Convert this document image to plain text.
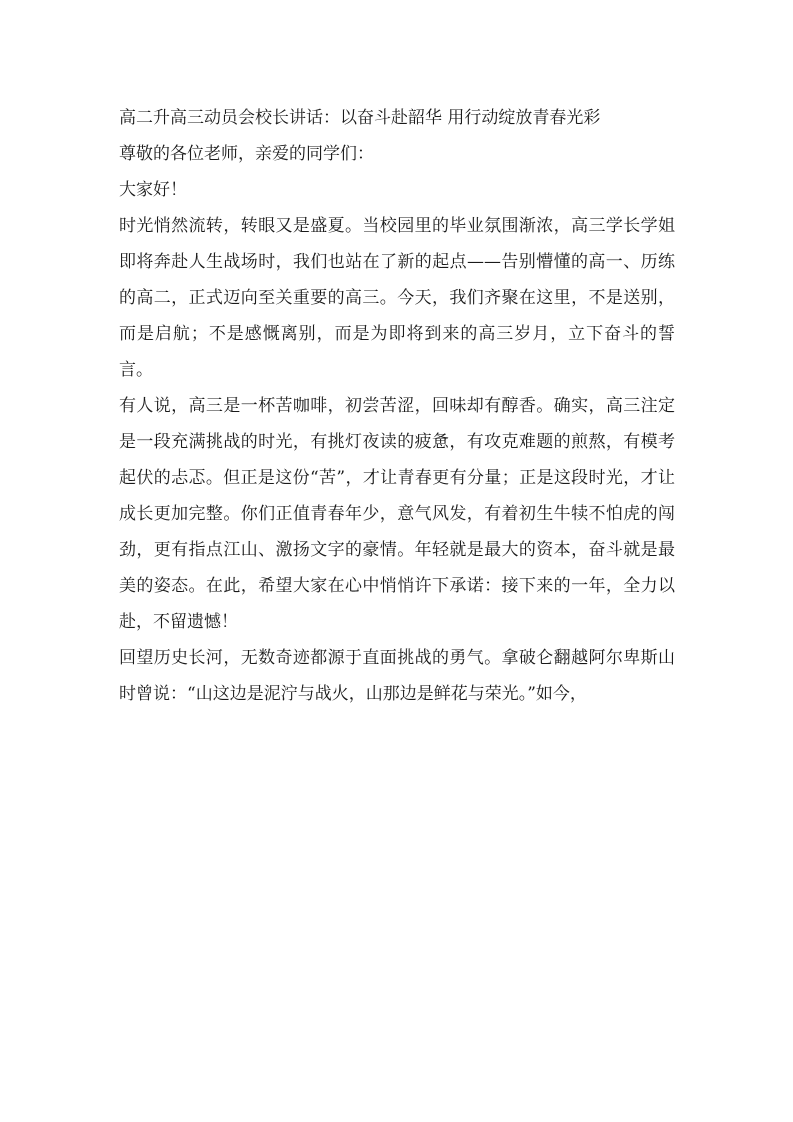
高二升高三动员会校长讲话：以奋斗赴韶华 用行动绽放青春光彩

尊敬的各位老师，亲爱的同学们：

大家好！

时光悄然流转，转眼又是盛夏。当校园里的毕业氛围渐浓，高三学长学姐即将奔赴人生战场时，我们也站在了新的起点——告别懵懂的高一、历练的高二，正式迈向至关重要的高三。今天，我们齐聚在这里，不是送别，而是启航；不是感慨离别，而是为即将到来的高三岁月，立下奋斗的誓言。

有人说，高三是一杯苦咖啡，初尝苦涩，回味却有醇香。确实，高三注定是一段充满挑战的时光，有挑灯夜读的疲惫，有攻克难题的煎熬，有模考起伏的忐忑。但正是这份“苦”，才让青春更有分量；正是这段时光，才让成长更加完整。你们正值青春年少，意气风发，有着初生牛犊不怕虎的闯劲，更有指点江山、激扬文字的豪情。年轻就是最大的资本，奋斗就是最美的姿态。在此，希望大家在心中悄悄许下承诺：接下来的一年，全力以赴，不留遗憾！

回望历史长河，无数奇迹都源于直面挑战的勇气。拿破仑翻越阿尔卑斯山时曾说：“山这边是泥泞与战火，山那边是鲜花与荣光。”如今，
